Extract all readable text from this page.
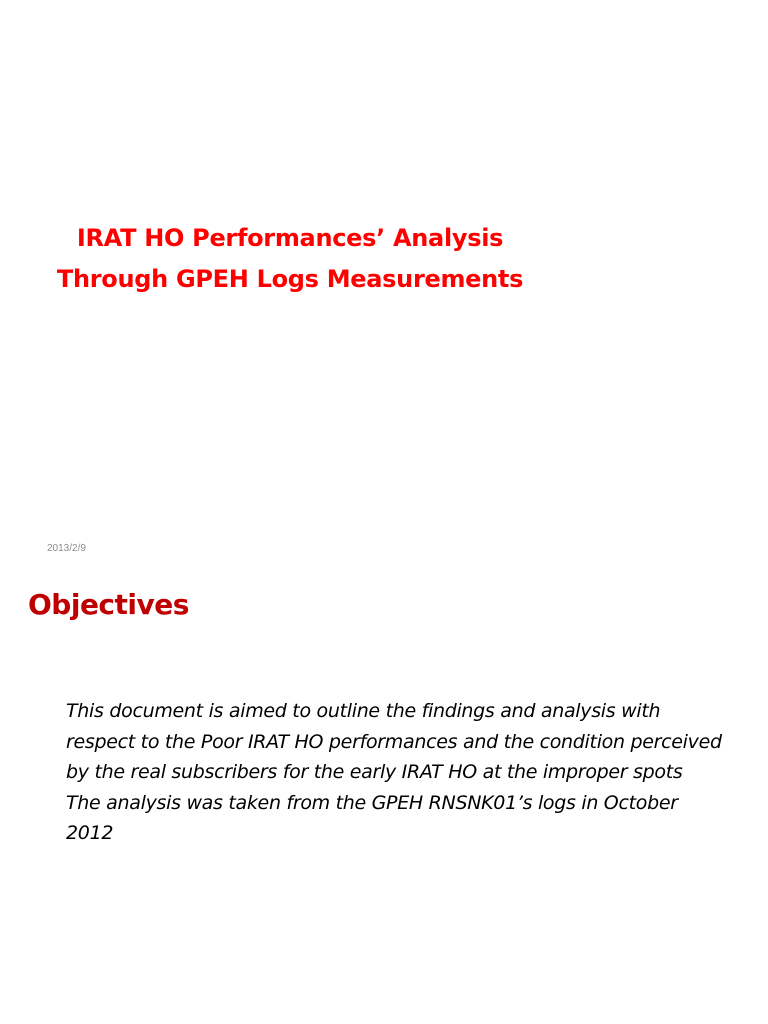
IRAT HO Performances’ Analysis
Through GPEH Logs Measurements
2013/2/9
Objectives

This document is aimed to outline the findings and analysis with respect to the Poor IRAT HO performances and the condition perceived by the real subscribers for the early IRAT HO at the improper spots

The analysis was taken from the GPEH RNSNK01’s logs in October 2012
